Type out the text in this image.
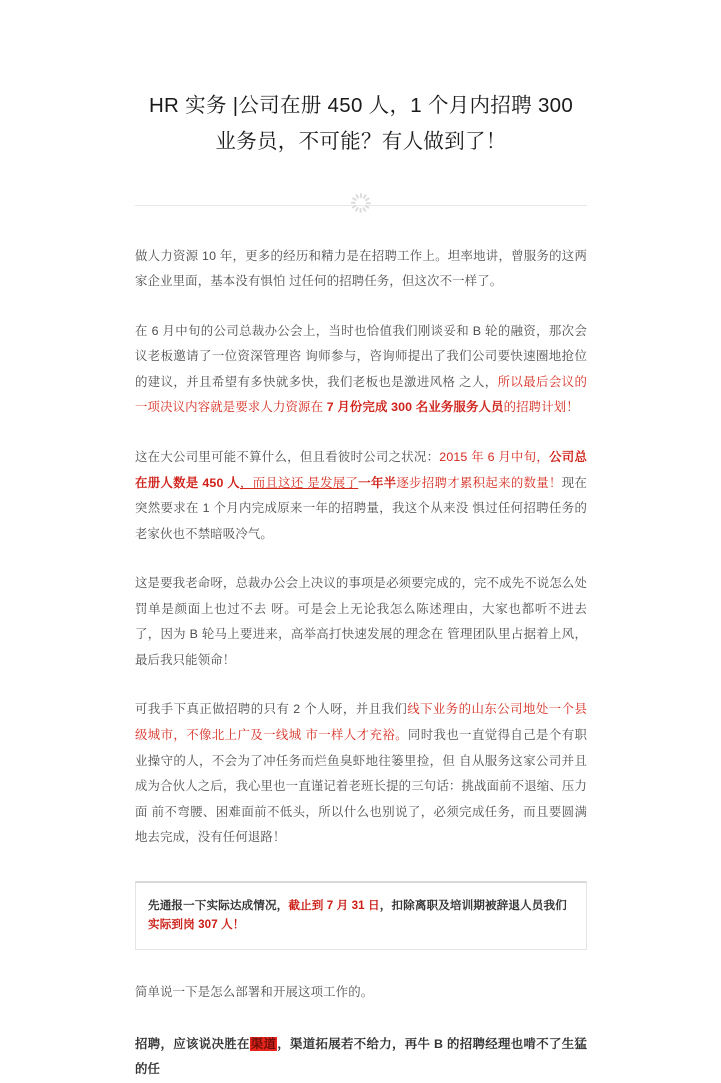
HR 实务 |公司在册 450 人，1 个月内招聘 300
业务员，不可能？有人做到了！

做人力资源 10 年，更多的经历和精力是在招聘工作上。坦率地讲，曾服务的这两家企业里面，基本没有惧怕 过任何的招聘任务，但这次不一样了。

在 6 月中旬的公司总裁办公会上，当时也恰值我们刚谈妥和 B 轮的融资，那次会议老板邀请了一位资深管理咨 询师参与，咨询师提出了我们公司要快速圈地抢位的建议，并且希望有多快就多快，我们老板也是激进风格 之人，所以最后会议的一项决议内容就是要求人力资源在 7 月份完成 300 名业务服务人员的招聘计划！

这在大公司里可能不算什么，但且看彼时公司之状况：2015 年 6 月中旬，公司总在册人数是 450 人，而且这还 是发展了一年半逐步招聘才累积起来的数量！现在突然要求在 1 个月内完成原来一年的招聘量，我这个从来没 惧过任何招聘任务的老家伙也不禁暗吸冷气。

这是要我老命呀，总裁办公会上决议的事项是必须要完成的，完不成先不说怎么处罚单是颜面上也过不去 呀。可是会上无论我怎么陈述理由，大家也都听不进去了，因为 B 轮马上要进来，高举高打快速发展的理念在 管理团队里占据着上风，最后我只能领命！

可我手下真正做招聘的只有 2 个人呀，并且我们线下业务的山东公司地处一个县级城市，不像北上广及一线城 市一样人才充裕。同时我也一直觉得自己是个有职业操守的人，不会为了冲任务而烂鱼臭虾地往篓里捡，但 自从服务这家公司并且成为合伙人之后，我心里也一直谨记着老班长提的三句话：挑战面前不退缩、压力面 前不弯腰、困难面前不低头，所以什么也别说了，必须完成任务，而且要圆满地去完成，没有任何退路！

先通报一下实际达成情况，截止到 7 月 31 日，扣除离职及培训期被辞退人员我们实际到岗 307 人！

简单说一下是怎么部署和开展这项工作的。

招聘，应该说决胜在渠道，渠道拓展若不给力，再牛 B 的招聘经理也啃不了生猛的任
